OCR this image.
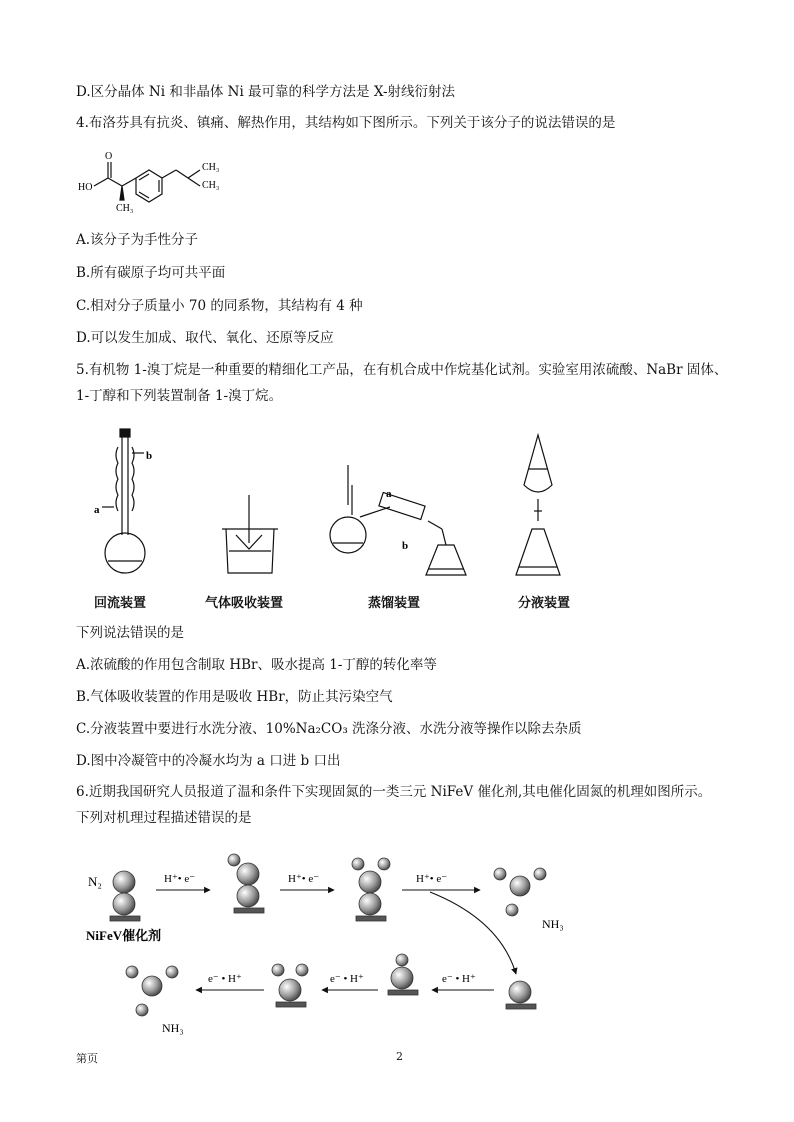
D.区分晶体 Ni 和非晶体 Ni 最可靠的科学方法是 X-射线衍射法
4.布洛芬具有抗炎、镇痛、解热作用，其结构如下图所示。下列关于该分子的说法错误的是
HO
O
CH₃
CH₃
CH₃
A.该分子为手性分子
B.所有碳原子均可共平面
C.相对分子质量小 70 的同系物，其结构有 4 种
D.可以发生加成、取代、氧化、还原等反应
5.有机物 1-溴丁烷是一种重要的精细化工产品，在有机合成中作烷基化试剂。实验室用浓硫酸、NaBr 固体、
1-丁醇和下列装置制备 1-溴丁烷。
a
b
a
b
回流装置	气体吸收装置	蒸馏装置	分液装置
下列说法错误的是
A.浓硫酸的作用包含制取 HBr、吸水提高 1-丁醇的转化率等
B.气体吸收装置的作用是吸收 HBr，防止其污染空气
C.分液装置中要进行水洗分液、10%Na₂CO₃ 洗涤分液、水洗分液等操作以除去杂质
D.图中冷凝管中的冷凝水均为 a 口进 b 口出
6.近期我国研究人员报道了温和条件下实现固氮的一类三元 NiFeV 催化剂,其电催化固氮的机理如图所示。
下列对机理过程描述错误的是
N₂	H⁺• e⁻	H⁺• e⁻	H⁺• e⁻
e⁻ • H⁺
e⁻ • H⁺
e⁻ • H⁺
NH₃
NH₃
NiFeV催化剂
第页	2
